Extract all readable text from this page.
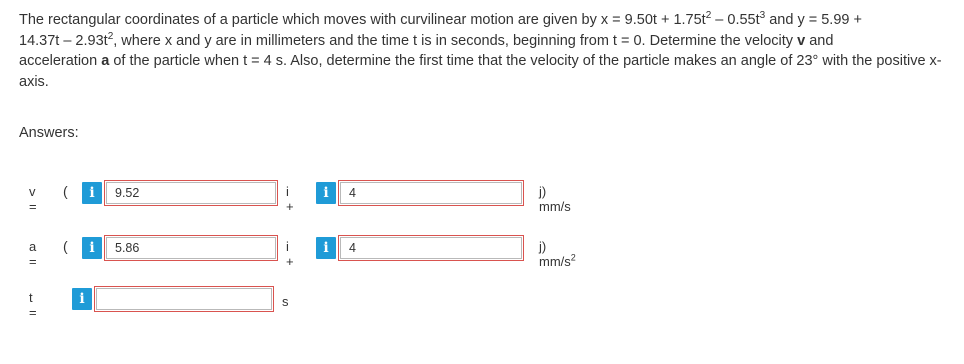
The rectangular coordinates of a particle which moves with curvilinear motion are given by $x = 9.50t + 1.75t^2 - 0.55t^3$ and y = 5.99 +
$14.37t - 2.93t^2$, where x and y are in millimeters and the time t is in seconds, beginning from t = 0. Determine the velocity v and
acceleration a of the particle when t = 4 s. Also, determine the first time that the velocity of the particle makes an angle of 23° with the positive x-axis.
Answers:
v =
(	i	9.52	i +
i	4	j) mm/s
a =
(	i	5.86	i +
i	4	j) $mm/s^2$
t =
i	s
